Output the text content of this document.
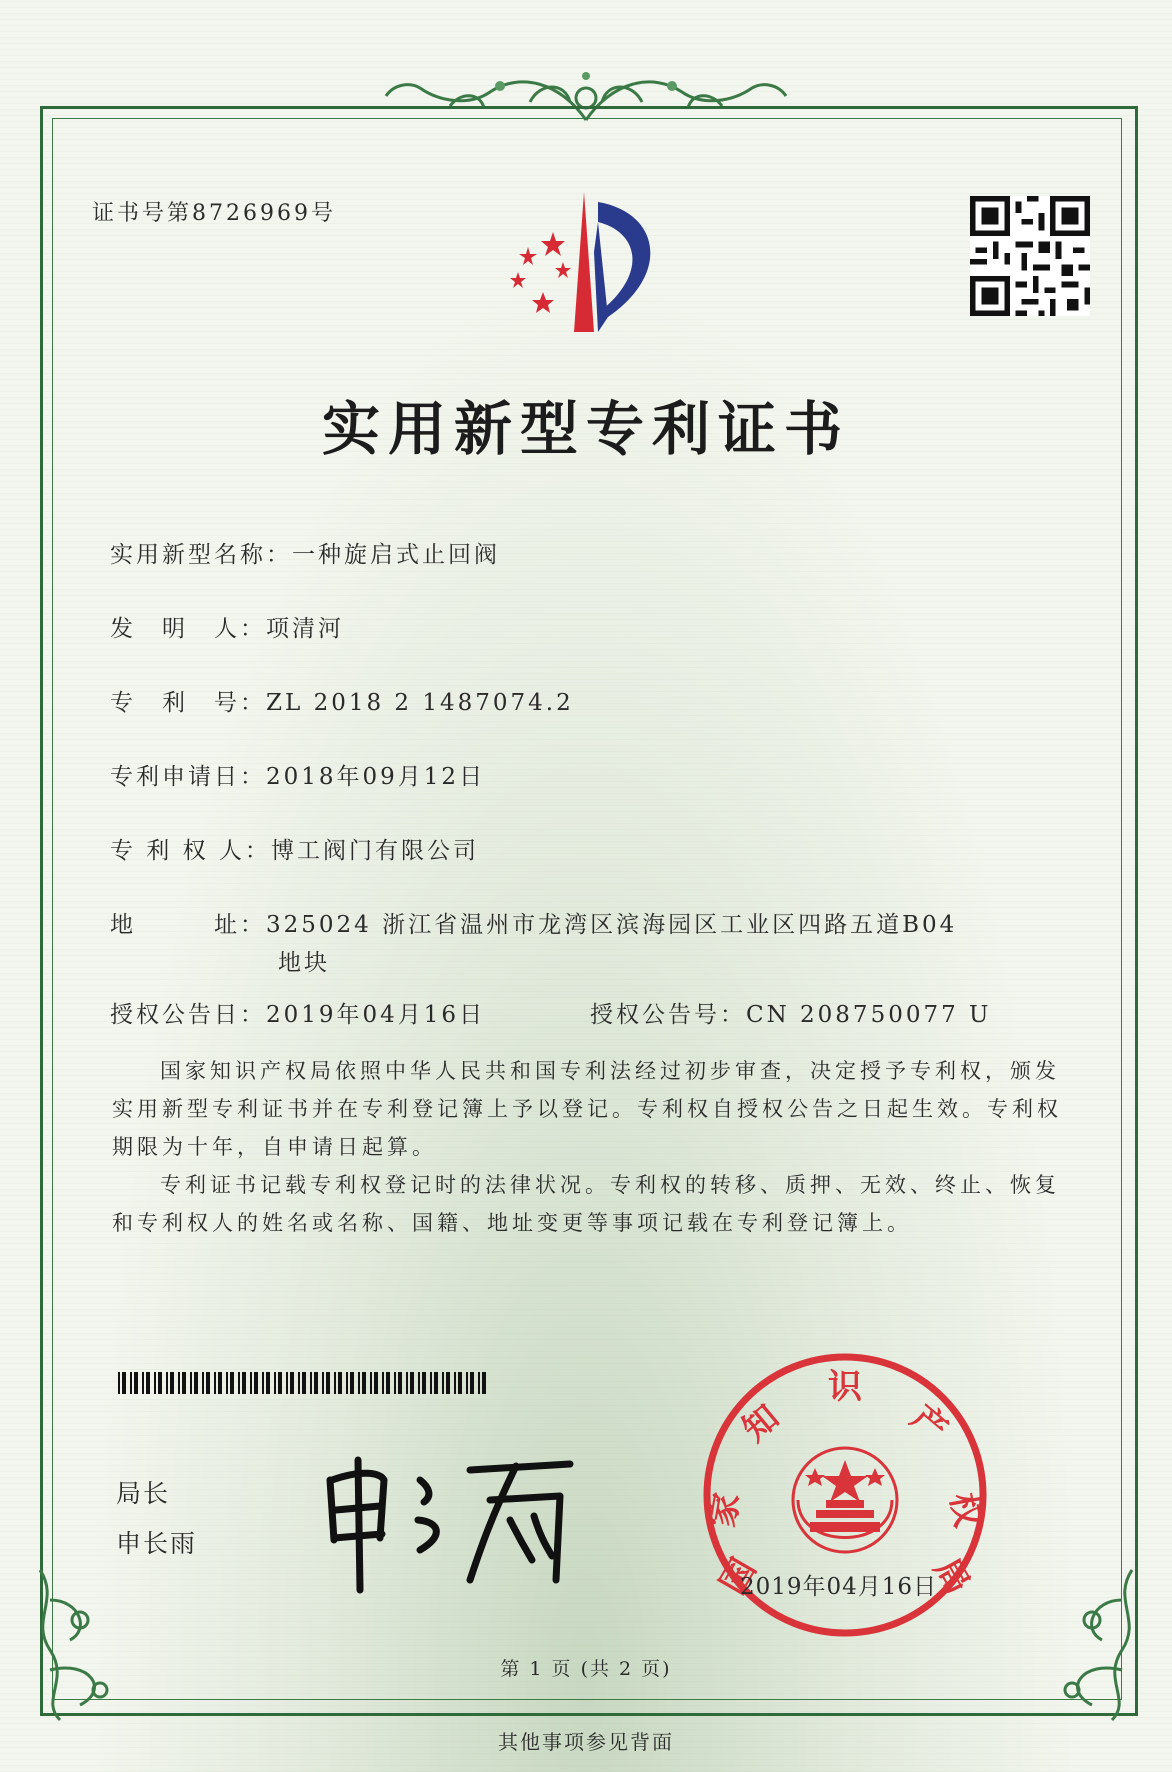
证书号第8726969号
实用新型专利证书
实用新型名称：一种旋启式止回阀
发　明　人：项清河
专　利　号：ZL 2018 2 1487074.2
专利申请日：2018年09月12日
专 利 权 人：博工阀门有限公司
地　　　址：325024 浙江省温州市龙湾区滨海园区工业区四路五道B04
地块
授权公告日：2019年04月16日	授权公告号：CN 208750077 U
国家知识产权局依照中华人民共和国专利法经过初步审查，决定授予专利权，颁发实用新型专利证书并在专利登记簿上予以登记。专利权自授权公告之日起生效。专利权期限为十年，自申请日起算。
专利证书记载专利权登记时的法律状况。专利权的转移、质押、无效、终止、恢复和专利权人的姓名或名称、国籍、地址变更等事项记载在专利登记簿上。
局长
申长雨
国
家
知
识
产
权
局
2019年04月16日
第 1 页 (共 2 页)
其他事项参见背面
